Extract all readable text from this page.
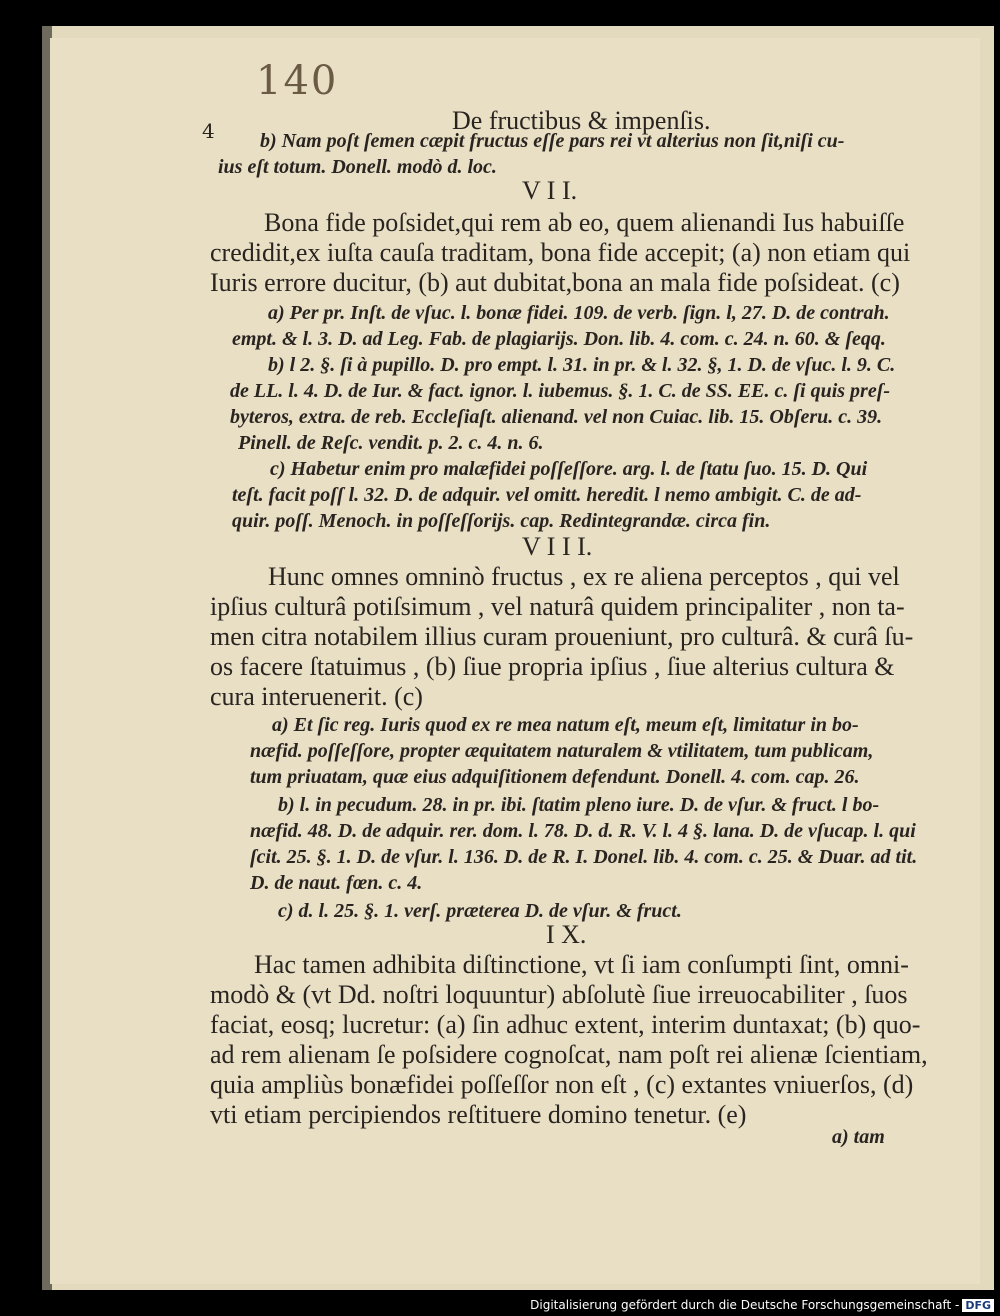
140
4	De fructibus & impenſis.
b) Nam poſt ſemen cæpit fructus eſſe pars rei vt alterius non ſit,niſi cu-
ius eſt totum. Donell. modò d. loc.
V I I.
Bona fide poſsidet,qui rem ab eo, quem alienandi Ius habuiſſe
credidit,ex iuſta cauſa traditam, bona fide accepit; (a) non etiam qui
Iuris errore ducitur, (b) aut dubitat,bona an mala fide poſsideat. (c)
a) Per pr. Inſt. de vſuc. l. bonæ fidei. 109. de verb. ſign. l, 27. D. de contrah.
empt. & l. 3. D. ad Leg. Fab. de plagiarijs. Don. lib. 4. com. c. 24. n. 60. & ſeqq.
b) l 2. §. ſi à pupillo. D. pro empt. l. 31. in pr. & l. 32. §, 1. D. de vſuc. l. 9. C.
de LL. l. 4. D. de Iur. & fact. ignor. l. iubemus. §. 1. C. de SS. EE. c. ſi quis preſ-
byteros, extra. de reb. Eccleſiaſt. alienand. vel non Cuiac. lib. 15. Obſeru. c. 39.
Pinell. de Reſc. vendit. p. 2. c. 4. n. 6.
c) Habetur enim pro malæfidei poſſeſſore. arg. l. de ſtatu ſuo. 15. D. Qui
teſt. facit poſſ l. 32. D. de adquir. vel omitt. heredit. l nemo ambigit. C. de ad-
quir. poſſ. Menoch. in poſſeſſorijs. cap. Redintegrandæ. circa fin.
V I I I.
Hunc omnes omninò fructus , ex re aliena perceptos , qui vel
ipſius culturâ potiſsimum , vel naturâ quidem principaliter , non ta-
men citra notabilem illius curam proueniunt, pro culturâ. & curâ ſu-
os facere ſtatuimus , (b) ſiue propria ipſius , ſiue alterius cultura &
cura interuenerit. (c)
a) Et ſic reg. Iuris quod ex re mea natum eſt, meum eſt, limitatur in bo-
næfid. poſſeſſore, propter æquitatem naturalem & vtilitatem, tum publicam,
tum priuatam, quæ eius adquiſitionem defendunt. Donell. 4. com. cap. 26.
b) l. in pecudum. 28. in pr. ibi. ſtatim pleno iure. D. de vſur. & fruct. l bo-
næfid. 48. D. de adquir. rer. dom. l. 78. D. d. R. V. l. 4 §. lana. D. de vſucap. l. qui
ſcit. 25. §. 1. D. de vſur. l. 136. D. de R. I. Donel. lib. 4. com. c. 25. & Duar. ad tit.
D. de naut. fœn. c. 4.
c) d. l. 25. §. 1. verſ. præterea D. de vſur. & fruct.
I X.
Hac tamen adhibita diſtinctione, vt ſi iam conſumpti ſint, omni-
modò & (vt Dd. noſtri loquuntur) abſolutè ſiue irreuocabiliter , ſuos
faciat, eosq; lucretur: (a) ſin adhuc extent, interim duntaxat; (b) quo-
ad rem alienam ſe poſsidere cognoſcat, nam poſt rei alienæ ſcientiam,
quia ampliùs bonæfidei poſſeſſor non eſt , (c) extantes vniuerſos, (d)
vti etiam percipiendos reſtituere domino tenetur. (e)
a) tam
Digitalisierung gefördert durch die Deutsche Forschungsgemeinschaft - DFG
